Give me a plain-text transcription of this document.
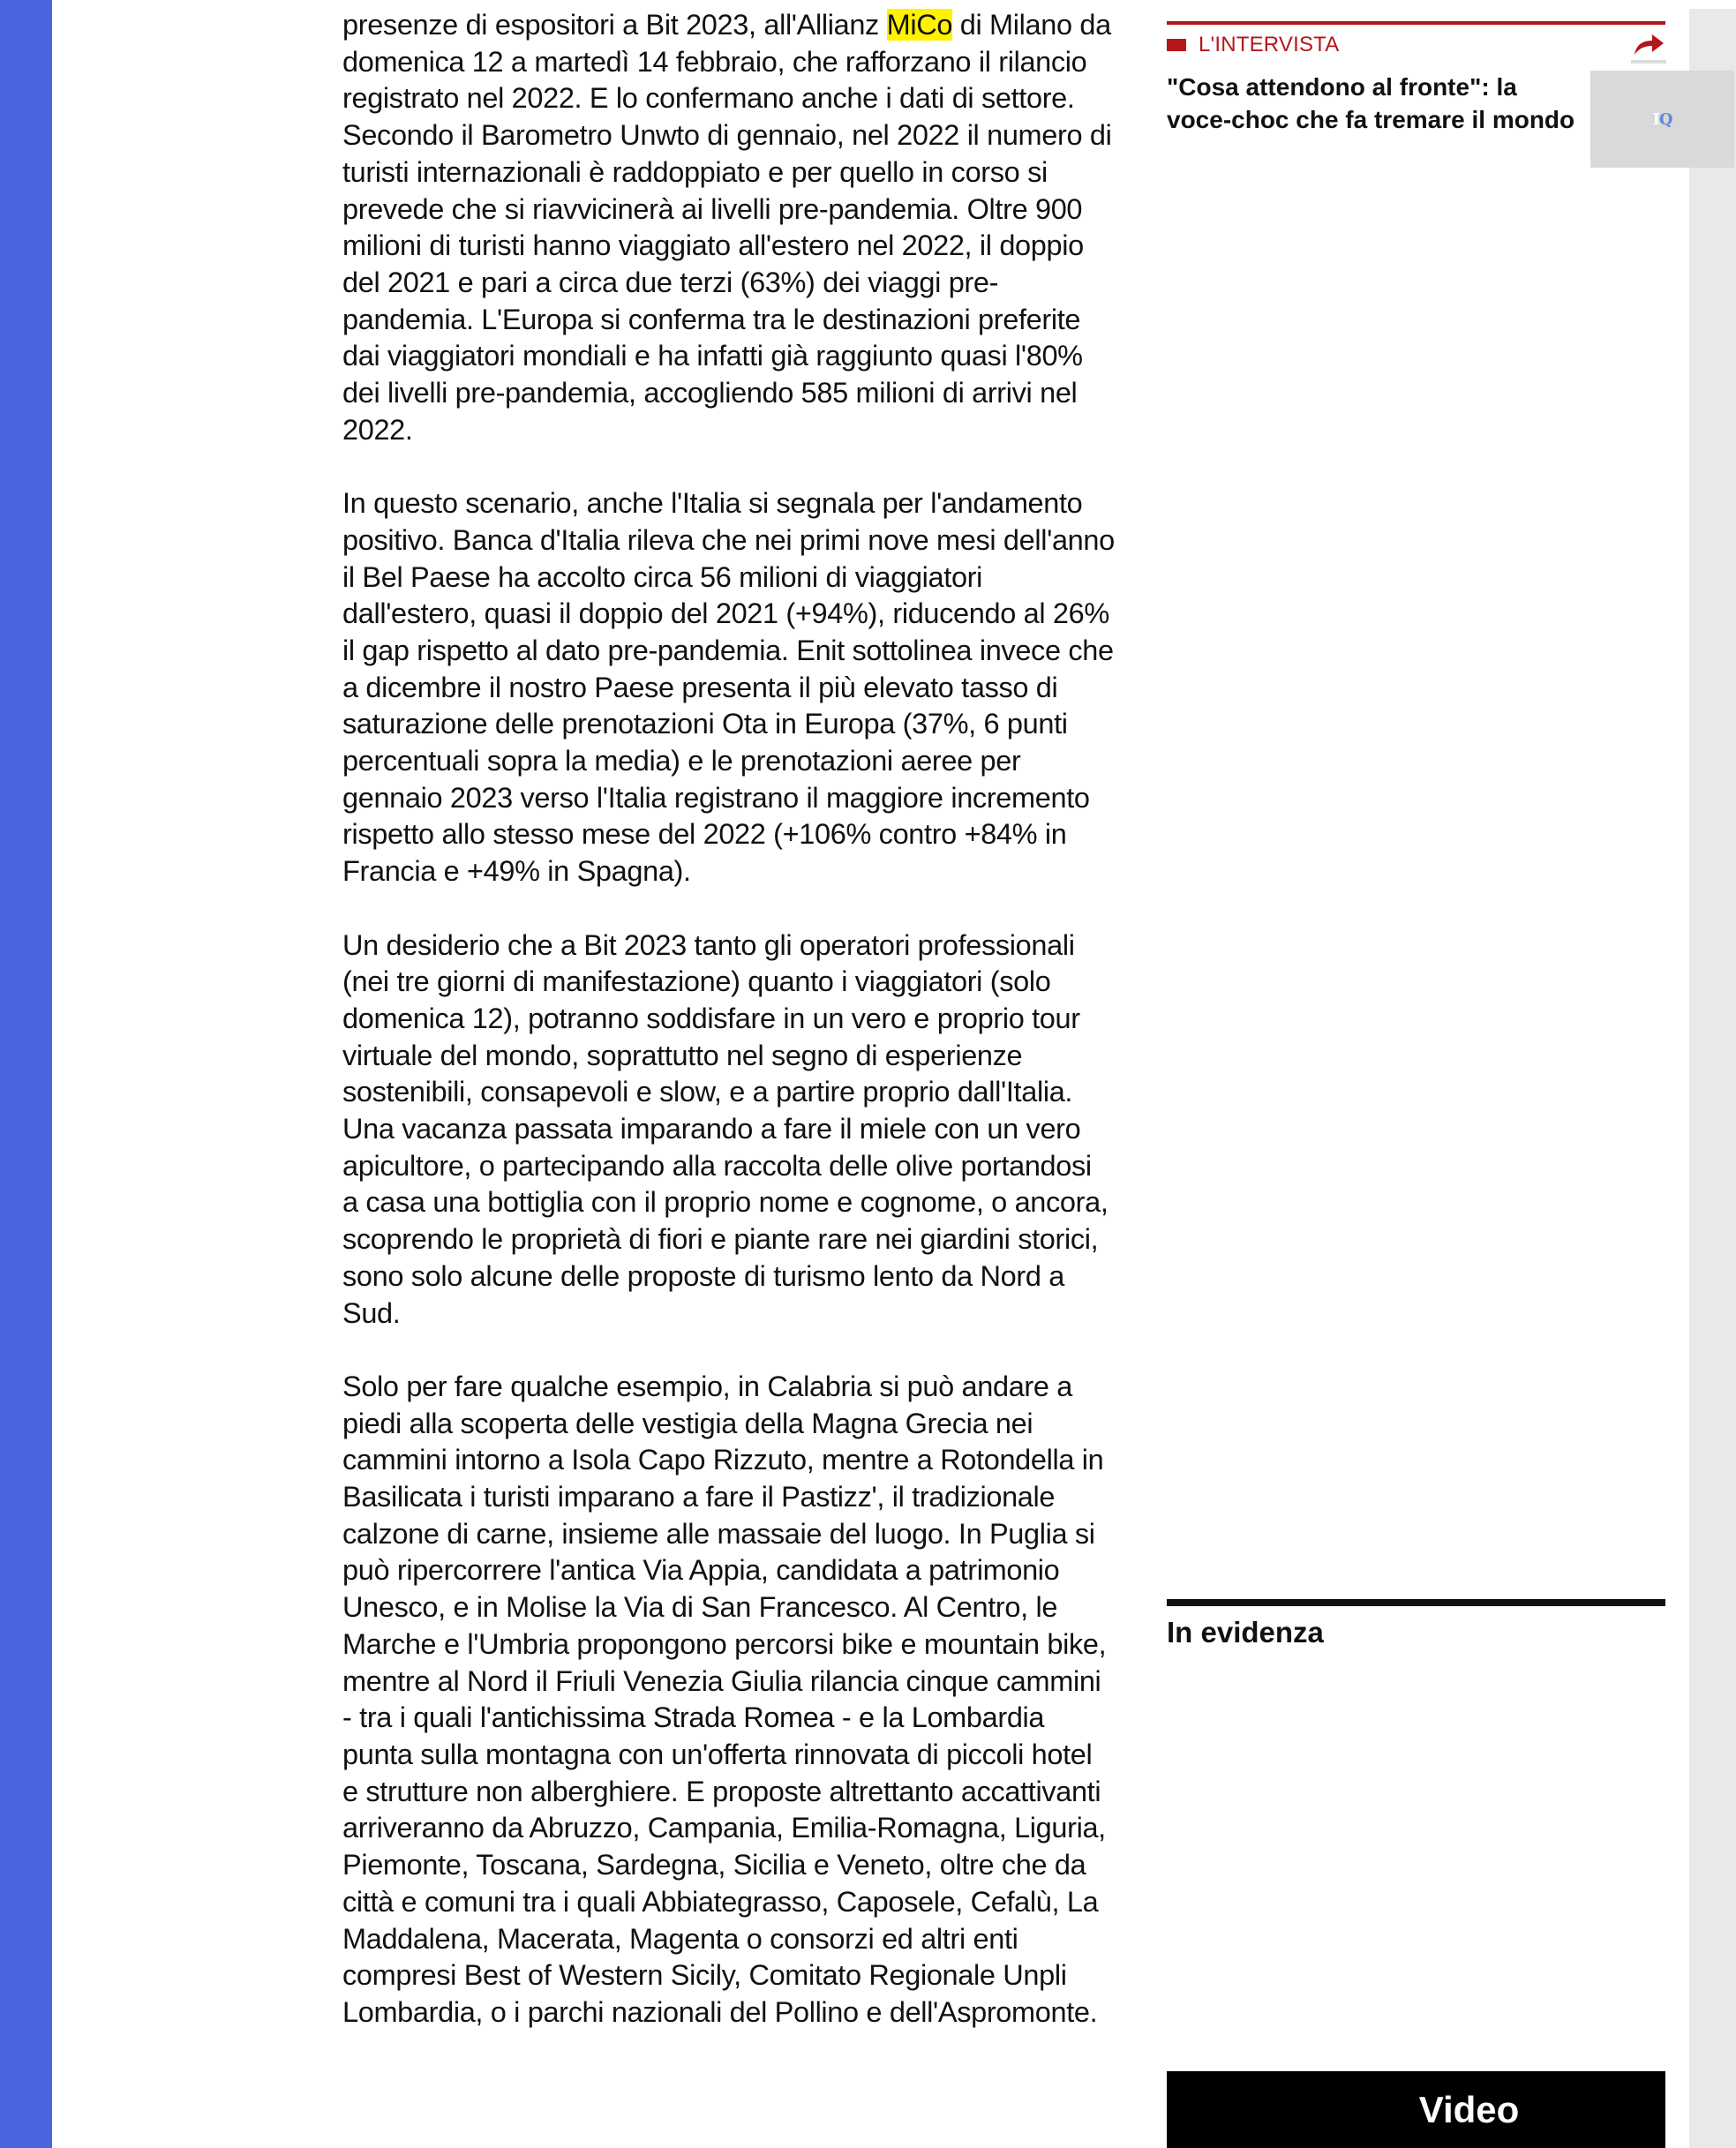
presenze di espositori a Bit 2023, all'Allianz MiCo di Milano da domenica 12 a martedì 14 febbraio, che rafforzano il rilancio registrato nel 2022. E lo confermano anche i dati di settore. Secondo il Barometro Unwto di gennaio, nel 2022 il numero di turisti internazionali è raddoppiato e per quello in corso si prevede che si riavvicinerà ai livelli pre-pandemia. Oltre 900 milioni di turisti hanno viaggiato all'estero nel 2022, il doppio del 2021 e pari a circa due terzi (63%) dei viaggi pre-pandemia. L'Europa si conferma tra le destinazioni preferite dai viaggiatori mondiali e ha infatti già raggiunto quasi l'80% dei livelli pre-pandemia, accogliendo 585 milioni di arrivi nel 2022.

In questo scenario, anche l'Italia si segnala per l'andamento positivo. Banca d'Italia rileva che nei primi nove mesi dell'anno il Bel Paese ha accolto circa 56 milioni di viaggiatori dall'estero, quasi il doppio del 2021 (+94%), riducendo al 26% il gap rispetto al dato pre-pandemia. Enit sottolinea invece che a dicembre il nostro Paese presenta il più elevato tasso di saturazione delle prenotazioni Ota in Europa (37%, 6 punti percentuali sopra la media) e le prenotazioni aeree per gennaio 2023 verso l'Italia registrano il maggiore incremento rispetto allo stesso mese del 2022 (+106% contro +84% in Francia e +49% in Spagna).

Un desiderio che a Bit 2023 tanto gli operatori professionali (nei tre giorni di manifestazione) quanto i viaggiatori (solo domenica 12), potranno soddisfare in un vero e proprio tour virtuale del mondo, soprattutto nel segno di esperienze sostenibili, consapevoli e slow, e a partire proprio dall'Italia. Una vacanza passata imparando a fare il miele con un vero apicultore, o partecipando alla raccolta delle olive portandosi a casa una bottiglia con il proprio nome e cognome, o ancora, scoprendo le proprietà di fiori e piante rare nei giardini storici, sono solo alcune delle proposte di turismo lento da Nord a Sud.

Solo per fare qualche esempio, in Calabria si può andare a piedi alla scoperta delle vestigia della Magna Grecia nei cammini intorno a Isola Capo Rizzuto, mentre a Rotondella in Basilicata i turisti imparano a fare il Pastizz', il tradizionale calzone di carne, insieme alle massaie del luogo. In Puglia si può ripercorrere l'antica Via Appia, candidata a patrimonio Unesco, e in Molise la Via di San Francesco. Al Centro, le Marche e l'Umbria propongono percorsi bike e mountain bike, mentre al Nord il Friuli Venezia Giulia rilancia cinque cammini - tra i quali l'antichissima Strada Romea - e la Lombardia punta sulla montagna con un'offerta rinnovata di piccoli hotel e strutture non alberghiere. E proposte altrettanto accattivanti arriveranno da Abruzzo, Campania, Emilia-Romagna, Liguria, Piemonte, Toscana, Sardegna, Sicilia e Veneto, oltre che da città e comuni tra i quali Abbiategrasso, Caposele, Cefalù, La Maddalena, Macerata, Magenta o consorzi ed altri enti compresi Best of Western Sicily, Comitato Regionale Unpli Lombardia, o i parchi nazionali del Pollino e dell'Aspromonte.

L'INTERVISTA
"Cosa attendono al fronte": la voce-choc che fa tremare il mondo	IQ
In evidenza
Video
